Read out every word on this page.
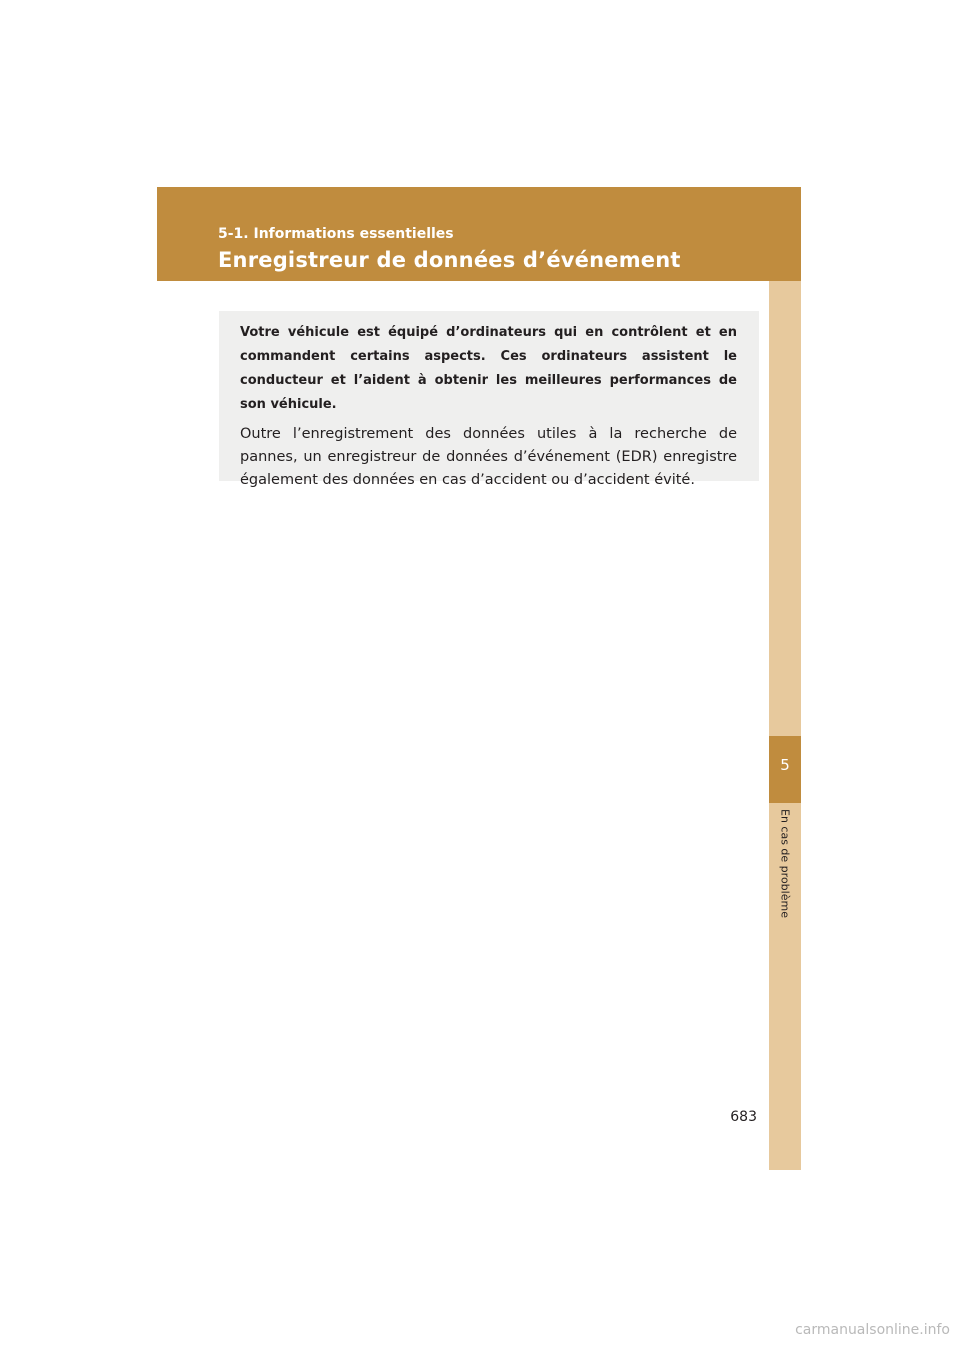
5-1. Informations essentielles
Enregistreur de données d’événement
5
En cas de problème

Votre véhicule est équipé d’ordinateurs qui en contrôlent et en commandent certains aspects. Ces ordinateurs assistent le conducteur et l’aident à obtenir les meilleures performances de son véhicule.

Outre l’enregistrement des données utiles à la recherche de pannes, un enregistreur de données d’événement (EDR) enregistre également des données en cas d’accident ou d’accident évité.

683
carmanualsonline.info
